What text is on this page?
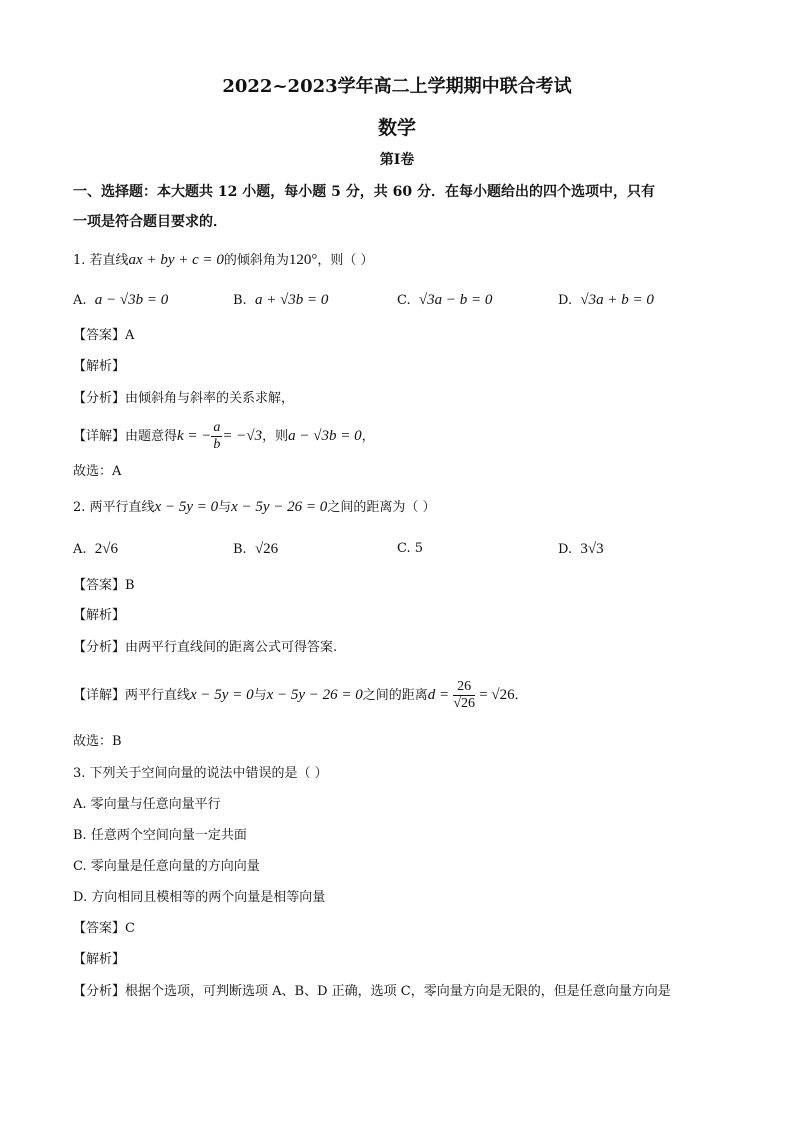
2022~2023学年高二上学期期中联合考试
数学
第Ⅰ卷
一、选择题：本大题共 12 小题，每小题 5 分，共 60 分．在每小题给出的四个选项中，只有
一项是符合题目要求的．
1. 若直线ax + by + c = 0的倾斜角为120°，则（ ）
A. a − √3b = 0	B. a + √3b = 0	C. √3a − b = 0	D. √3a + b = 0
【答案】A
【解析】
【分析】由倾斜角与斜率的关系求解，
【详解】由题意得k = − $\frac{a}{b} = -√3$，则a − √3b = 0，
故选：A
2. 两平行直线x − 5y = 0与x − 5y − 26 = 0之间的距离为（ ）
A. 2√6	B. √26	C. 5	D. 3√3
【答案】B
【解析】
【分析】由两平行直线间的距离公式可得答案.
【详解】两平行直线x − 5y = 0与x − 5y − 26 = 0之间的距离$d = \frac{26}{√26} = √26$．
故选：B
3. 下列关于空间向量的说法中错误的是（ ）
A. 零向量与任意向量平行
B. 任意两个空间向量一定共面
C. 零向量是任意向量的方向向量
D. 方向相同且模相等的两个向量是相等向量
【答案】C
【解析】
【分析】根据个选项，可判断选项 A、B、D 正确，选项 C，零向量方向是无限的，但是任意向量方向是
